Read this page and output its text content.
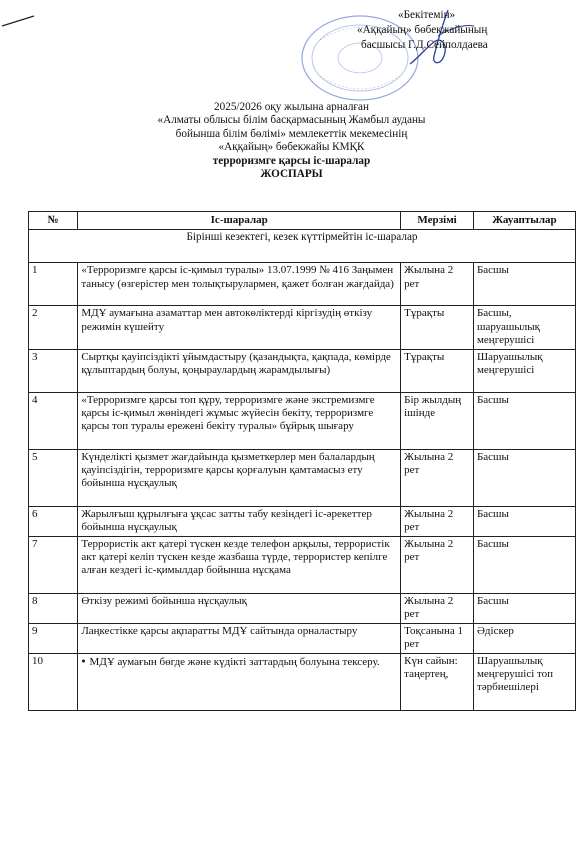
«Бекітемін»
«Аққайың» бөбекжайының
басшысы Г.Д.Сейполдаева
2025/2026 оқу жылына арналған
«Алматы облысы білім басқармасының Жамбыл ауданы
бойынша білім бөлімі» мемлекеттік мекемесінің
«Аққайың» бөбекжайы КМҚК
терроризмге қарсы іс-шаралар
ЖОСПАРЫ
№	Іс-шаралар	Мерзімі	Жауаптылар
Бірінші кезектегі, кезек күттірмейтін іс-шаралар			
1	«Терроризмге қарсы іс-қимыл туралы» 13.07.1999 № 416 Заңымен танысу (өзгерістер мен толықтырулармен, қажет болған жағдайда)	Жылына 2 рет	Басшы
2	МДҰ аумағына азаматтар мен автокөліктерді кіргізудің өткізу режимін күшейту	Тұрақты	Басшы, шаруашылық меңгерушісі
3	Сыртқы қауіпсіздікті ұйымдастыру (қазандықта, қақпада, көмірде құлыптардың болуы, қоңыраулардың жарамдылығы)	Тұрақты	Шаруашылық меңгерушісі
4	«Терроризмге қарсы топ құру, терроризмге және экстремизмге қарсы іс-қимыл жөніндегі жұмыс жүйесін бекіту, терроризмге қарсы топ туралы ережені бекіту туралы» бұйрық шығару	Бір жылдың ішінде	Басшы
5	Күнделікті қызмет жағдайында қызметкерлер мен балалардың қауіпсіздігін, терроризмге қарсы қорғалуын қамтамасыз ету бойынша нұсқаулық	Жылына 2 рет	Басшы
6	Жарылғыш құрылғыға ұқсас затты табу кезіндегі іс-әрекеттер бойынша нұсқаулық	Жылына 2 рет	Басшы
7	Террористік акт қатері түскен кезде телефон арқылы, террористік акт қатері келіп түскен кезде жазбаша түрде, террористер кепілге алған кездегі іс-қимылдар бойынша нұсқама	Жылына 2 рет	Басшы
8	Өткізу режимі бойынша нұсқаулық	Жылына 2 рет	Басшы
9	Лаңкестікке қарсы ақпаратты МДҰ сайтында орналастыру	Тоқсанына 1 рет	Әдіскер
10	● МДҰ аумағын бөгде және күдікті заттардың болуына тексеру.	Күн сайын: таңертең,	Шаруашылық меңгерушісі топ тәрбиешілері
